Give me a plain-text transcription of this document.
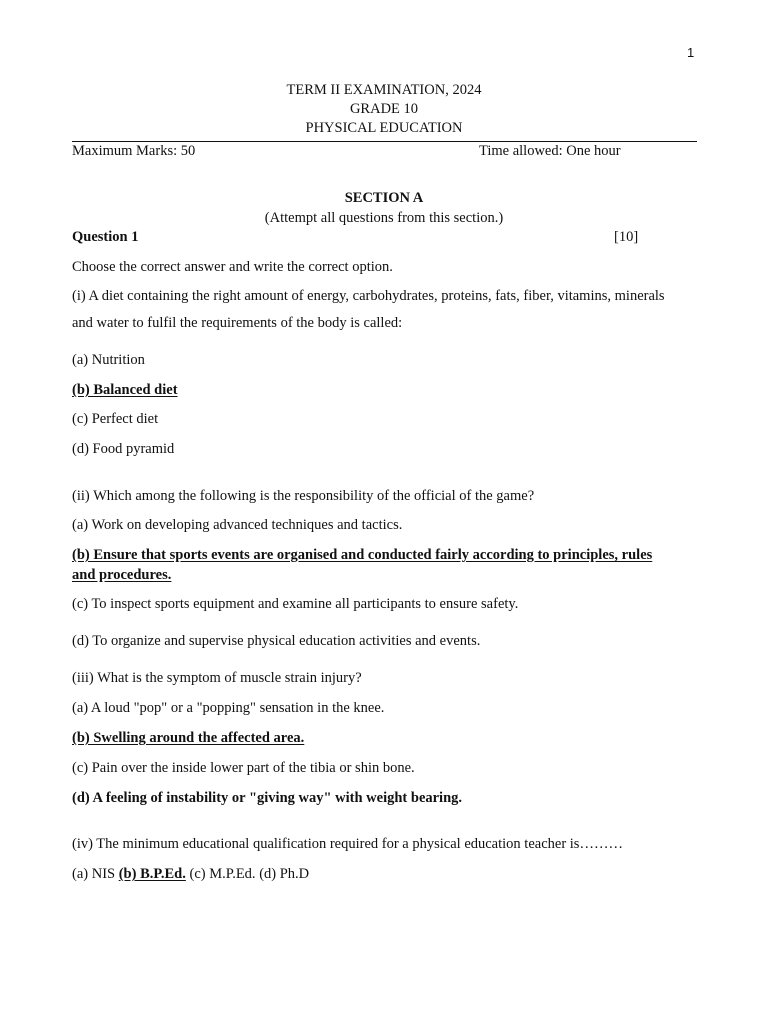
1
TERM II EXAMINATION, 2024
GRADE 10
PHYSICAL EDUCATION
Maximum Marks: 50	Time allowed: One hour
SECTION A
(Attempt all questions from this section.)
Question 1	[10]
Choose the correct answer and write the correct option.
(i) A diet containing the right amount of energy, carbohydrates, proteins, fats, fiber, vitamins, minerals
and water to fulfil the requirements of the body is called:
(a) Nutrition
(b) Balanced diet
(c) Perfect diet
(d) Food pyramid
(ii) Which among the following is the responsibility of the official of the game?
(a) Work on developing advanced techniques and tactics.
(b) Ensure that sports events are organised and conducted fairly according to principles, rules
and procedures.
(c) To inspect sports equipment and examine all participants to ensure safety.
(d) To organize and supervise physical education activities and events.
(iii) What is the symptom of muscle strain injury?
(a) A loud "pop" or a "popping" sensation in the knee.
(b) Swelling around the affected area.
(c) Pain over the inside lower part of the tibia or shin bone.
(d) A feeling of instability or "giving way" with weight bearing.
(iv) The minimum educational qualification required for a physical education teacher is………
(a) NIS (b) B.P.Ed. (c) M.P.Ed. (d) Ph.D
